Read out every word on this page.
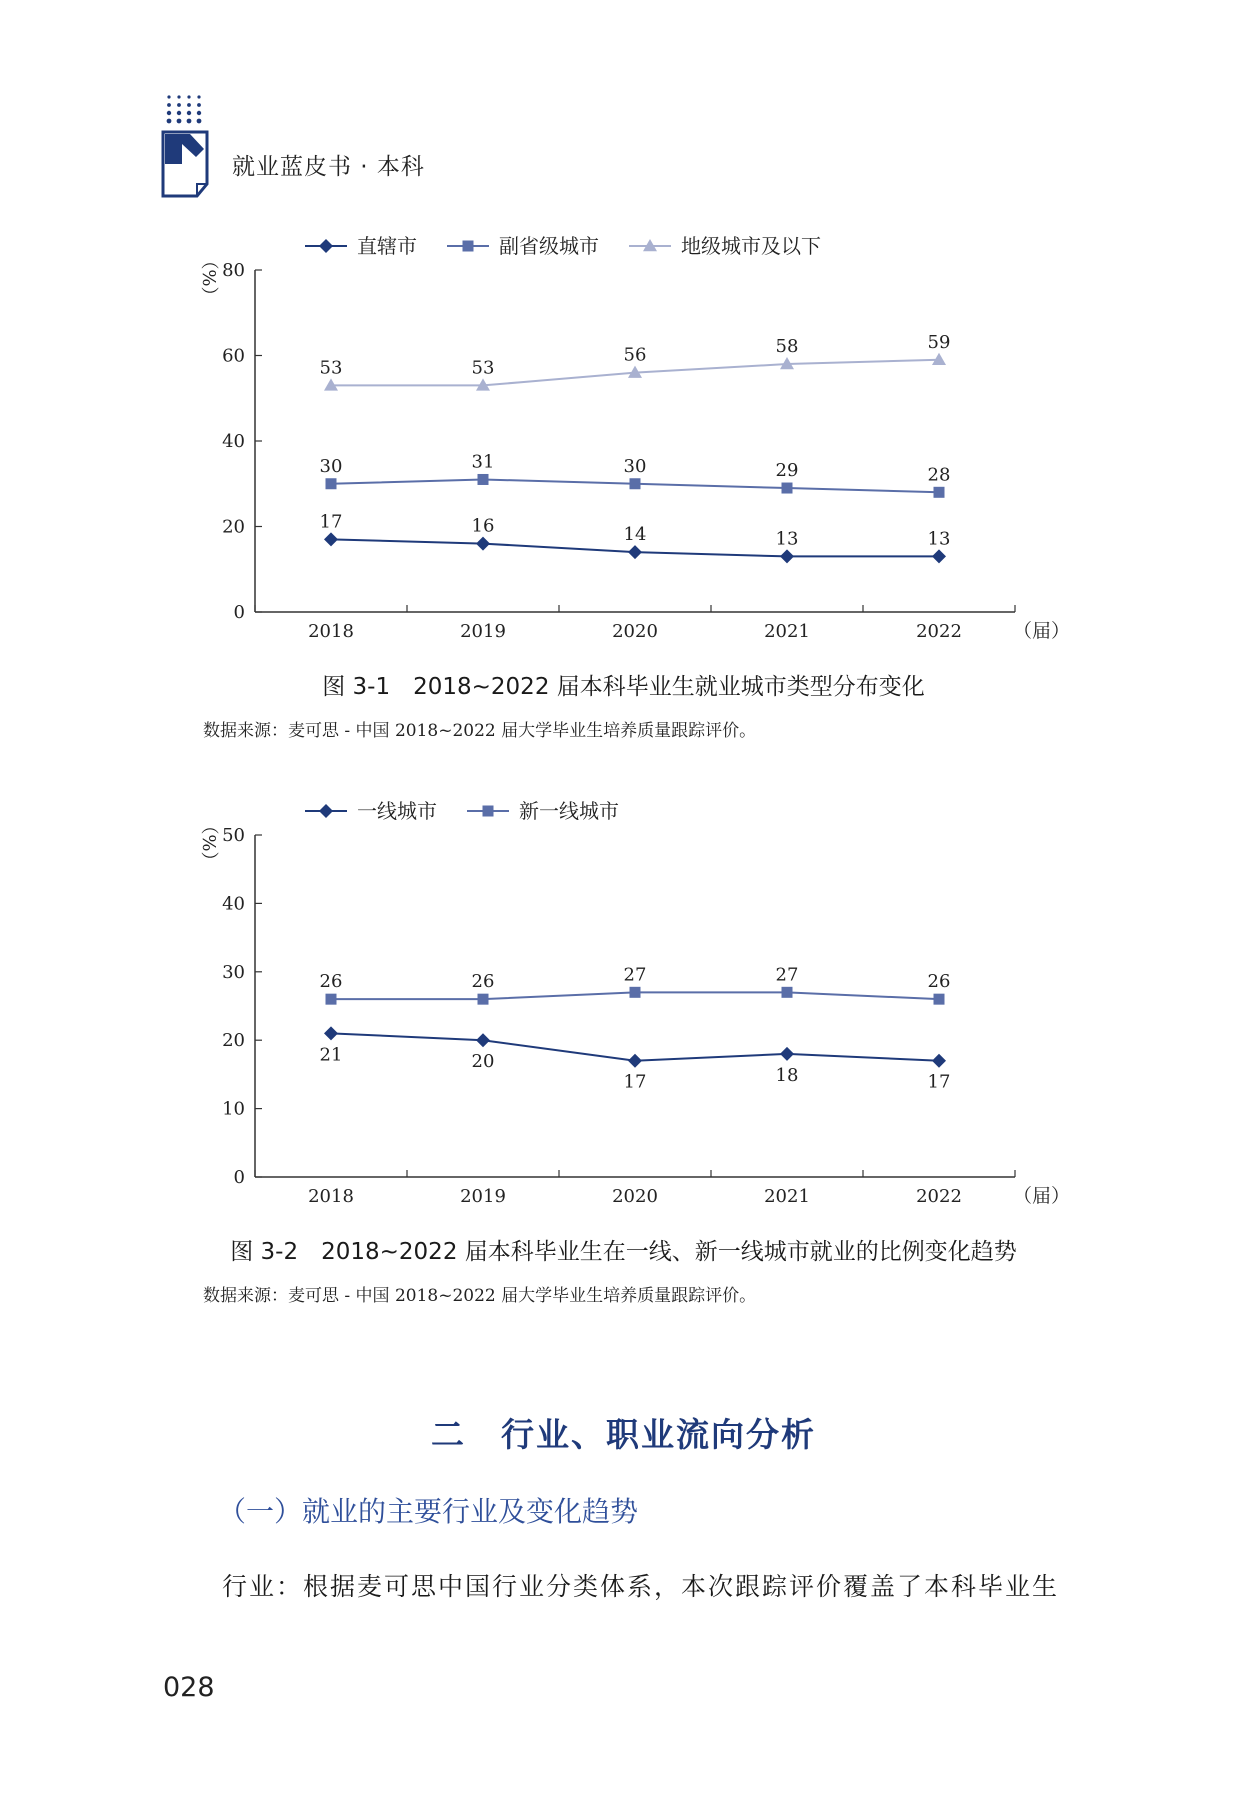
就业蓝皮书 · 本科
0
20
40
60
80
2018	2019	2020	2021	2022
（%）
（届）
直辖市	副省级城市	地级城市及以下
17	16	14	13	13
30	31	30	29	28
53	53
56	58	59
图 3-1　2018~2022 届本科毕业生就业城市类型分布变化
数据来源：麦可思 - 中国 2018~2022 届大学毕业生培养质量跟踪评价。
0
10
20
30
40
50
2018	2019	2020	2021	2022
（%）
（届）
一线城市	新一线城市
21	20
17	18	17
26	26	27	27	26
图 3-2　2018~2022 届本科毕业生在一线、新一线城市就业的比例变化趋势
数据来源：麦可思 - 中国 2018~2022 届大学毕业生培养质量跟踪评价。
二　行业、职业流向分析
（一）就业的主要行业及变化趋势
行业：根据麦可思中国行业分类体系，本次跟踪评价覆盖了本科毕业生
028
